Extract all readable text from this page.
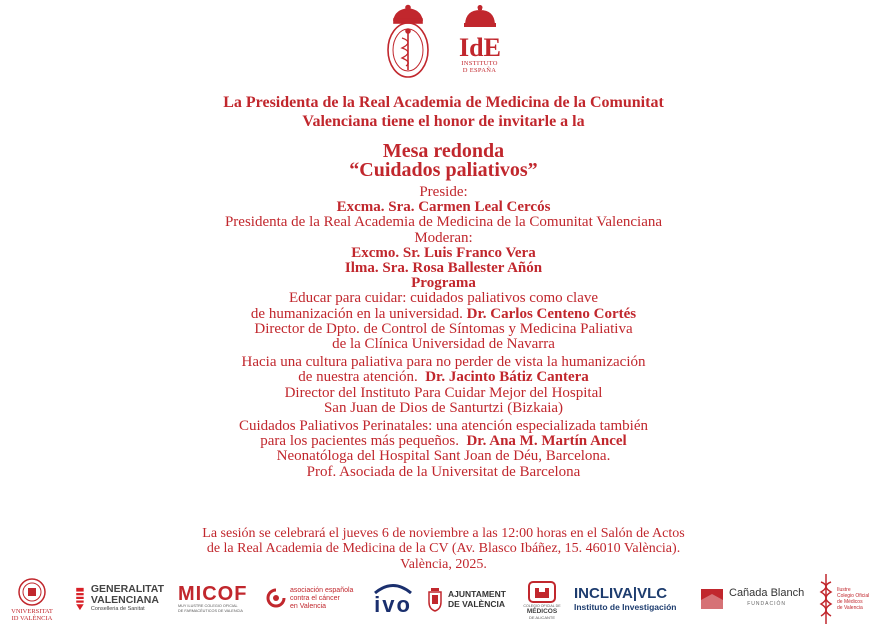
IdE
INSTITUTO
D ESPAÑA
La Presidenta de la Real Academia de Medicina de la Comunitat
Valenciana tiene el honor de invitarle a la
Mesa redonda
“Cuidados paliativos”
Preside:
Excma. Sra. Carmen Leal Cercós
Presidenta de la Real Academia de Medicina de la Comunitat Valenciana
Moderan:
Excmo. Sr. Luis Franco Vera
Ilma. Sra. Rosa Ballester Añón
Programa
Educar para cuidar: cuidados paliativos como clave
de humanización en la universidad. Dr. Carlos Centeno Cortés
Director de Dpto. de Control de Síntomas y Medicina Paliativa
de la Clínica Universidad de Navarra
Hacia una cultura paliativa para no perder de vista la humanización
de nuestra atención. Dr. Jacinto Bátiz Cantera
Director del Instituto Para Cuidar Mejor del Hospital
San Juan de Dios de Santurtzi (Bizkaia)
Cuidados Paliativos Perinatales: una atención especializada también
para los pacientes más pequeños. Dr. Ana M. Martín Ancel
Neonatóloga del Hospital Sant Joan de Déu, Barcelona.
Prof. Asociada de la Universitat de Barcelona
La sesión se celebrará el jueves 6 de noviembre a las 12:00 horas en el Salón de Actos
de la Real Academia de Medicina de la CV (Av. Blasco Ibáñez, 15. 46010 València).
València, 2025.
VNIVERSITAT
ID VALÈNCIA
GENERALITAT
VALENCIANA
Conselleria de Sanitat
MICOF
MUY ILUSTRE COLEGIO OFICIAL
DE FARMACÉUTICOS DE VALENCIA
asociación española
contra el cáncer
en Valencia	ivo	AJUNTAMENT
DE VALÈNCIA	COLEGIO OFICIAL DE
MÉDICOS
DE ALICANTE
INCLIVA|VLC
Instituto de Investigación
Cañada Blanch
FUNDACIÓN
Ilustre
Colegio Oficial
de Médicos
de Valencia
